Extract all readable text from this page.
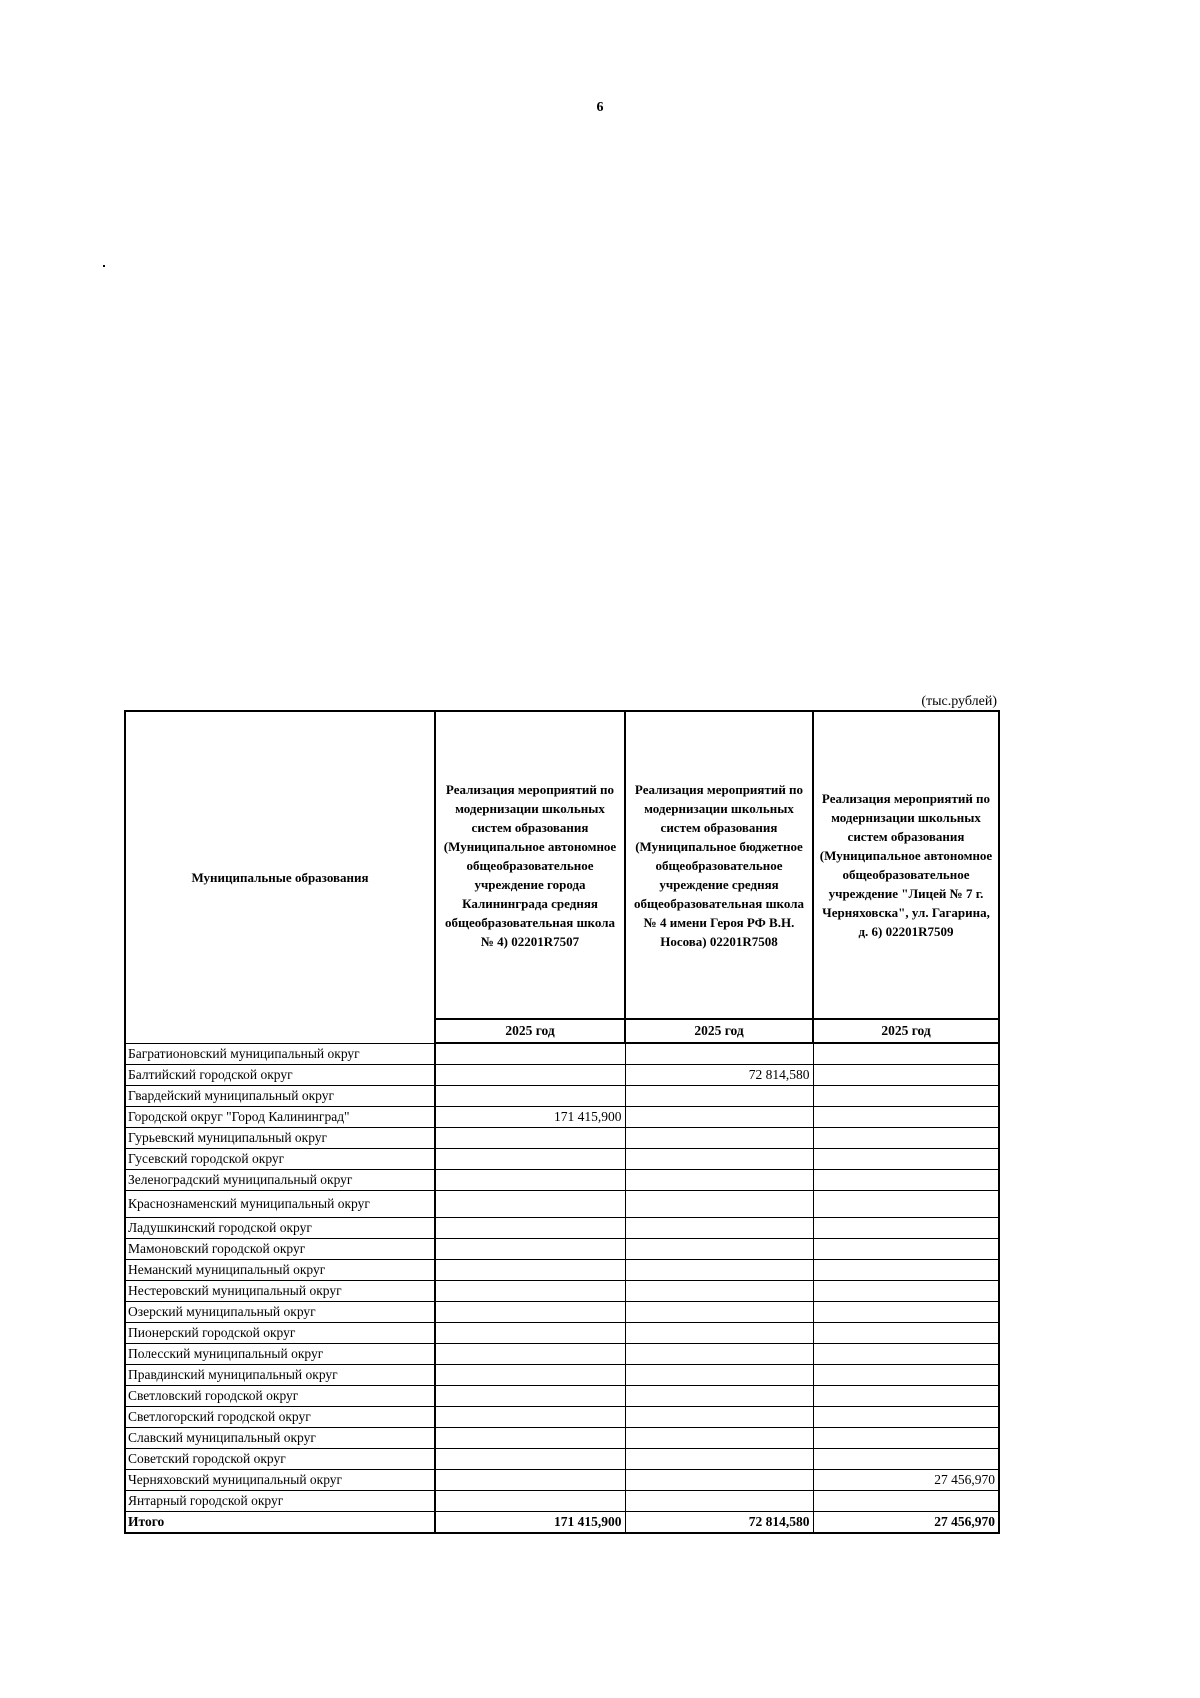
6
(тыс.рублей)
Муниципальные образования	Реализация мероприятий по модернизации школьных систем образования (Муниципальное автономное общеобразовательное учреждение города Калининграда средняя общеобразовательная школа № 4) 02201R7507	Реализация мероприятий по модернизации школьных систем образования (Муниципальное бюджетное общеобразовательное учреждение средняя общеобразовательная школа № 4 имени Героя РФ В.Н. Носова) 02201R7508	Реализация мероприятий по модернизации школьных систем образования (Муниципальное автономное общеобразовательное учреждение "Лицей № 7 г. Черняховска", ул. Гагарина, д. 6) 02201R7509
	2025 год	2025 год	2025 год
Багратионовский муниципальный округ			
Балтийский городской округ		72 814,580	
Гвардейский муниципальный округ			
Городской округ "Город Калининград"	171 415,900		
Гурьевский муниципальный округ			
Гусевский городской округ			
Зеленоградский муниципальный округ			
Краснознаменский муниципальный округ			
Ладушкинский городской округ			
Мамоновский городской округ			
Неманский муниципальный округ			
Нестеровский муниципальный округ			
Озерский муниципальный округ			
Пионерский городской округ			
Полесский муниципальный округ			
Правдинский муниципальный округ			
Светловский городской округ			
Светлогорский городской округ			
Славский муниципальный округ			
Советский городской округ			
Черняховский муниципальный округ			27 456,970
Янтарный городской округ			
Итого	171 415,900	72 814,580	27 456,970
